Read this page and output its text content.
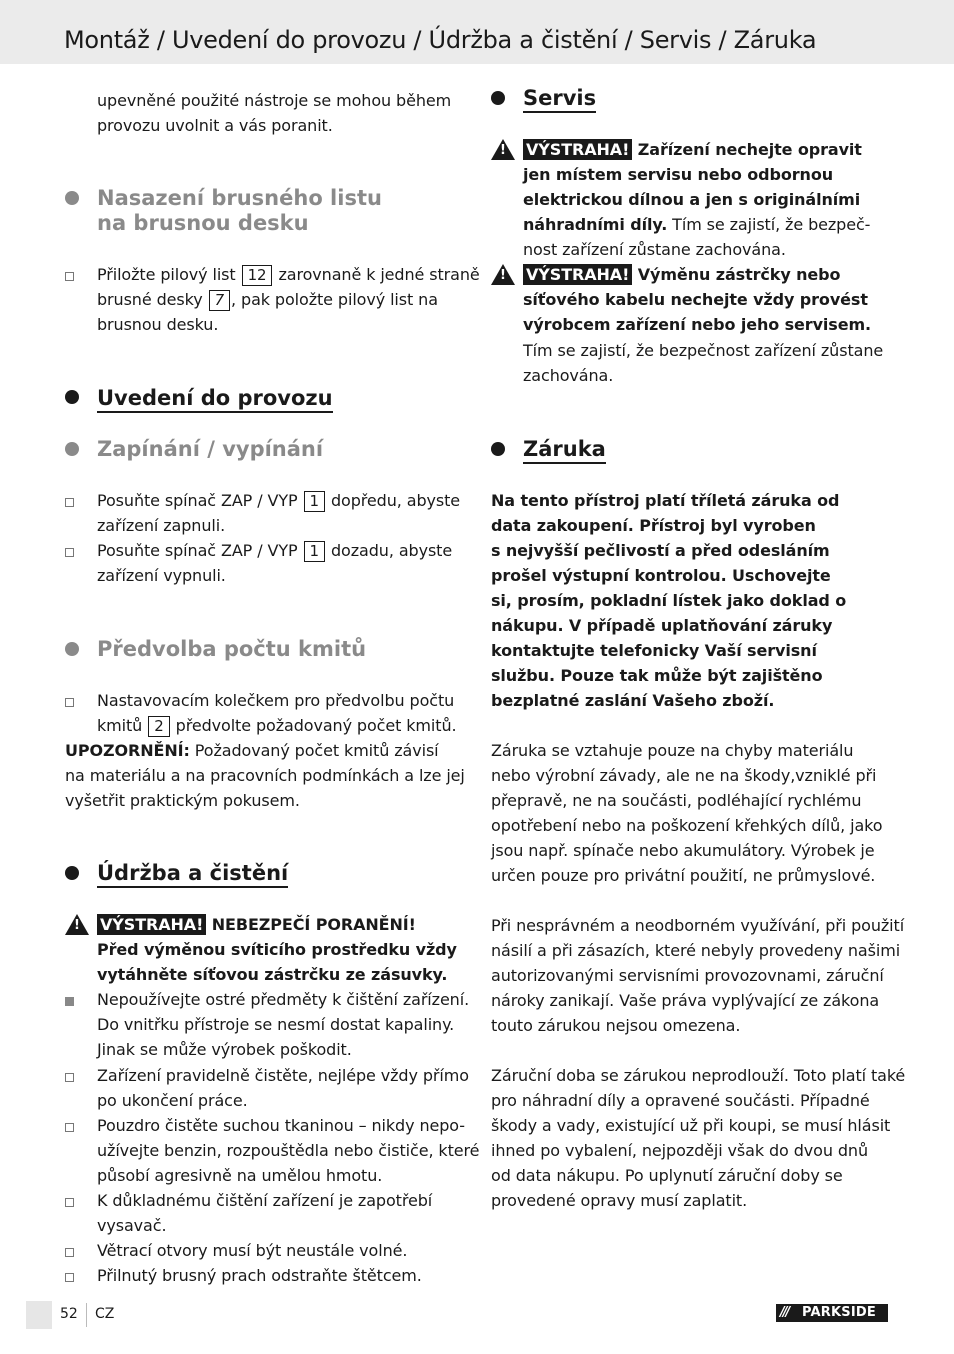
Montáž / Uvedení do provozu / Údržba a čistění / Servis / Záruka
upevněné použité nástroje se mohou během
provozu uvolnit a vás poranit.
Nasazení brusného listu
na brusnou desku
Přiložte pilový list 12 zarovnaně k jedné straně
brusné desky 7 , pak položte pilový list na
brusnou desku.
Uvedení do provozu
Zapínání / vypínání
Posuňte spínač ZAP / VYP 1 dopředu, abyste
zařízení zapnuli.
Posuňte spínač ZAP / VYP 1 dozadu, abyste
zařízení vypnuli.
Předvolba počtu kmitů
Nastavovacím kolečkem pro předvolbu počtu
kmitů 2 předvolte požadovaný počet kmitů.
UPOZORNĚNÍ: Požadovaný počet kmitů závisí
na materiálu a na pracovních podmínkách a lze jej
vyšetřit praktickým pokusem.
Údržba a čistění
!
VÝSTRAHA! NEBEZPEČÍ PORANĚNÍ!
Před výměnou svíticího prostředku vždy
vytáhněte síťovou zástrčku ze zásuvky.
Nepoužívejte ostré předměty k čištění zařízení.
Do vnitřku přístroje se nesmí dostat kapaliny.
Jinak se může výrobek poškodit.
Zařízení pravidelně čistěte, nejlépe vždy přímo
po ukončení práce.
Pouzdro čistěte suchou tkaninou – nikdy nepo-
užívejte benzin, rozpouštědla nebo čističe, které
působí agresivně na umělou hmotu.
K důkladnému čištění zařízení je zapotřebí
vysavač.
Větrací otvory musí být neustále volné.
Přilnutý brusný prach odstraňte štětcem.
Servis
!
VÝSTRAHA! Zařízení nechejte opravit
jen místem servisu nebo odbornou
elektrickou dílnou a jen s originálními
náhradními díly. Tím se zajistí, že bezpeč-
nost zařízení zůstane zachována.
!
VÝSTRAHA! Výměnu zástrčky nebo
síťového kabelu nechejte vždy provést
výrobcem zařízení nebo jeho servisem.
Tím se zajistí, že bezpečnost zařízení zůstane
zachována.
Záruka
Na tento přístroj platí tříletá záruka od
data zakoupení. Přístroj byl vyroben
s nejvyšší pečlivostí a před odesláním
prošel výstupní kontrolou. Uschovejte
si, prosím, pokladní lístek jako doklad o
nákupu. V případě uplatňování záruky
kontaktujte telefonicky Vaší servisní
službu. Pouze tak může být zajištěno
bezplatné zaslání Vašeho zboží.
Záruka se vztahuje pouze na chyby materiálu
nebo výrobní závady, ale ne na škody,vzniklé při
přepravě, ne na součásti, podléhající rychlému
opotřebení nebo na poškození křehkých dílů, jako
jsou např. spínače nebo akumulátory. Výrobek je
určen pouze pro privátní použití, ne průmyslové.
Při nesprávném a neodborném využívání, při použití
násilí a při zásazích, které nebyly provedeny našimi
autorizovanými servisními provozovnami, záruční
nároky zanikají. Vaše práva vyplývající ze zákona
touto zárukou nejsou omezena.
Záruční doba se zárukou neprodlouží. Toto platí také
pro náhradní díly a opravené součásti. Případné
škody a vady, existující už při koupi, se musí hlásit
ihned po vybalení, nejpozději však do dvou dnů
od data nákupu. Po uplynutí záruční doby se
provedené opravy musí zaplatit.
52 CZ	/// PARKSIDE
